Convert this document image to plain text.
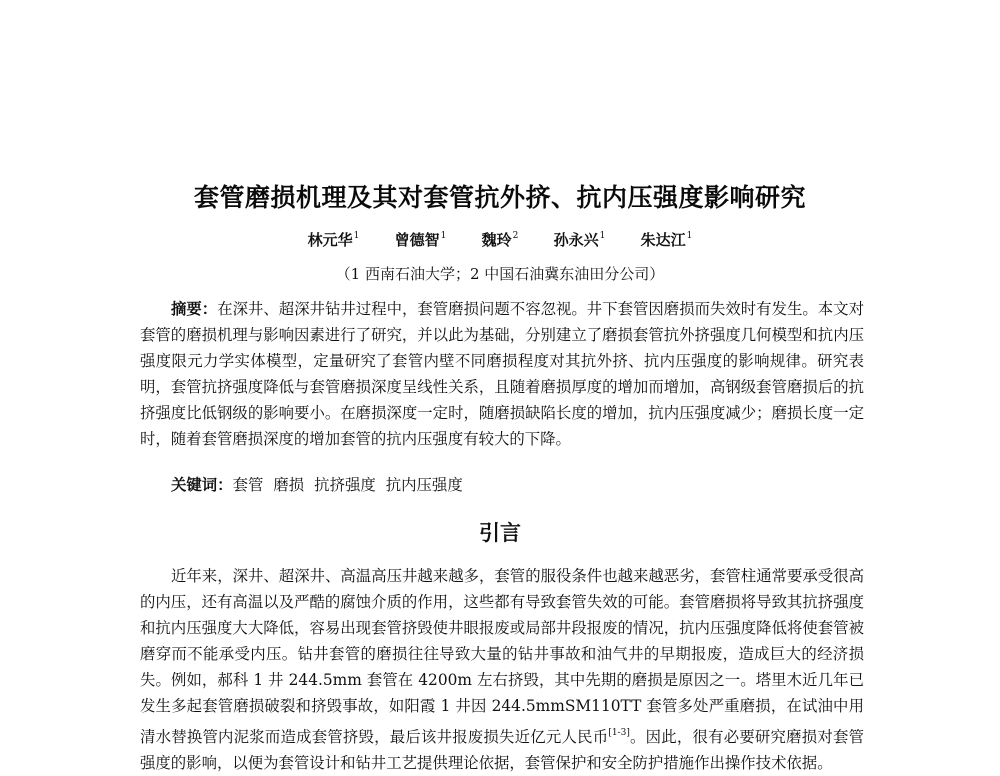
套管磨损机理及其对套管抗外挤、抗内压强度影响研究
林元华$^1$ 曾德智$^1$ 魏玲$^2$ 孙永兴$^1$ 朱达江$^1$
（1 西南石油大学；2 中国石油冀东油田分公司）

摘要：在深井、超深井钻井过程中，套管磨损问题不容忽视。井下套管因磨损而失效时有发生。本文对套管的磨损机理与影响因素进行了研究，并以此为基础，分别建立了磨损套管抗外挤强度几何模型和抗内压强度限元力学实体模型，定量研究了套管内壁不同磨损程度对其抗外挤、抗内压强度的影响规律。研究表明，套管抗挤强度降低与套管磨损深度呈线性关系，且随着磨损厚度的增加而增加，高钢级套管磨损后的抗挤强度比低钢级的影响要小。在磨损深度一定时，随磨损缺陷长度的增加，抗内压强度减少；磨损长度一定时，随着套管磨损深度的增加套管的抗内压强度有较大的下降。

关键词：套管 磨损 抗挤强度 抗内压强度

引言

近年来，深井、超深井、高温高压井越来越多，套管的服役条件也越来越恶劣，套管柱通常要承受很高的内压，还有高温以及严酷的腐蚀介质的作用，这些都有导致套管失效的可能。套管磨损将导致其抗挤强度和抗内压强度大大降低，容易出现套管挤毁使井眼报废或局部井段报废的情况，抗内压强度降低将使套管被磨穿而不能承受内压。钻井套管的磨损往往导致大量的钻井事故和油气井的早期报废，造成巨大的经济损失。例如，郝科 1 井 244.5mm 套管在 4200m 左右挤毁，其中先期的磨损是原因之一。塔里木近几年已发生多起套管磨损破裂和挤毁事故，如阳霞 1 井因 244.5mmSM110TT 套管多处严重磨损，在试油中用清水替换管内泥浆而造成套管挤毁，最后该井报废损失近亿元人民币[1-3]。因此，很有必要研究磨损对套管强度的影响，以便为套管设计和钻井工艺提供理论依据，套管保护和安全防护措施作出操作技术依据。
